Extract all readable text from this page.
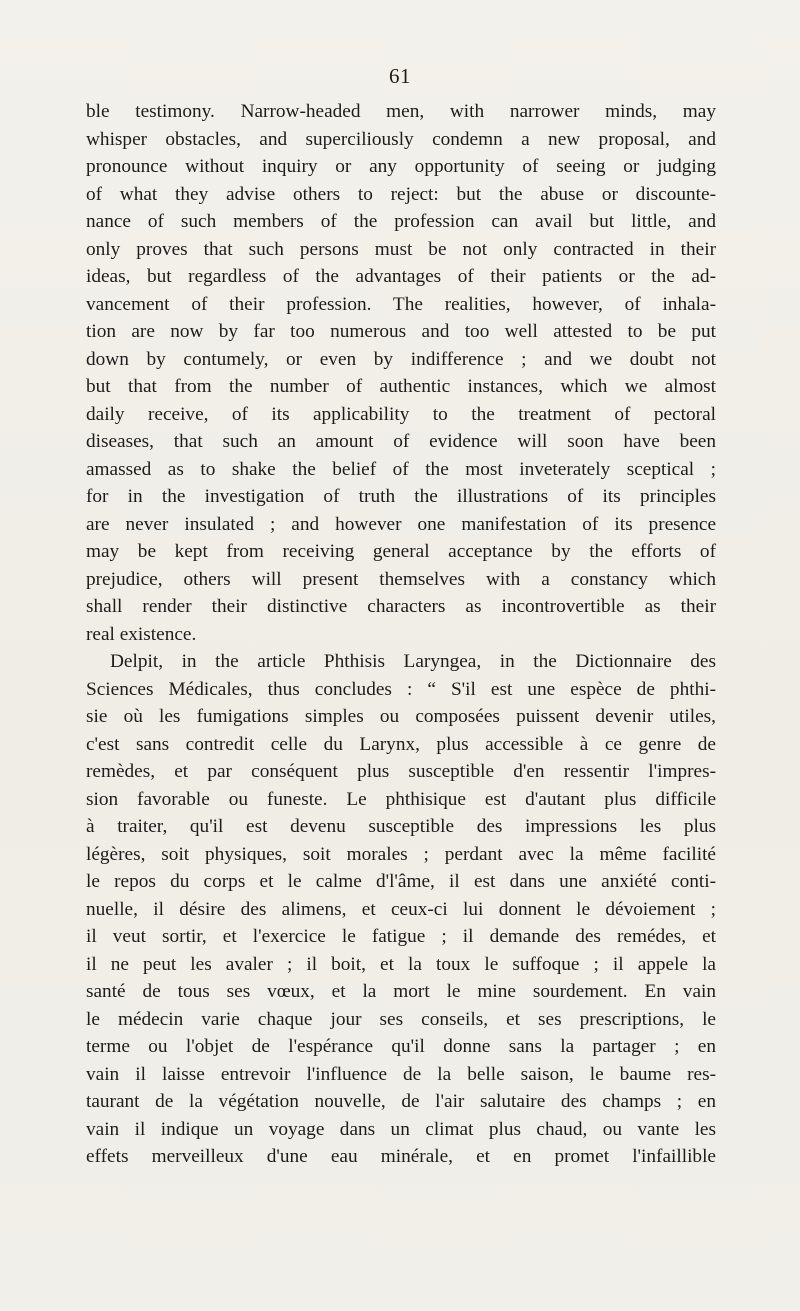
61
ble testimony. Narrow-headed men, with narrower minds, may
whisper obstacles, and superciliously condemn a new proposal, and
pronounce without inquiry or any opportunity of seeing or judging
of what they advise others to reject: but the abuse or discounte-
nance of such members of the profession can avail but little, and
only proves that such persons must be not only contracted in their
ideas, but regardless of the advantages of their patients or the ad-
vancement of their profession. The realities, however, of inhala-
tion are now by far too numerous and too well attested to be put
down by contumely, or even by indifference ; and we doubt not
but that from the number of authentic instances, which we almost
daily receive, of its applicability to the treatment of pectoral
diseases, that such an amount of evidence will soon have been
amassed as to shake the belief of the most inveterately sceptical ;
for in the investigation of truth the illustrations of its principles
are never insulated ; and however one manifestation of its presence
may be kept from receiving general acceptance by the efforts of
prejudice, others will present themselves with a constancy which
shall render their distinctive characters as incontrovertible as their
real existence.
Delpit, in the article Phthisis Laryngea, in the Dictionnaire des
Sciences Médicales, thus concludes : “ S'il est une espèce de phthi-
sie où les fumigations simples ou composées puissent devenir utiles,
c'est sans contredit celle du Larynx, plus accessible à ce genre de
remèdes, et par conséquent plus susceptible d'en ressentir l'impres-
sion favorable ou funeste. Le phthisique est d'autant plus difficile
à traiter, qu'il est devenu susceptible des impressions les plus
légères, soit physiques, soit morales ; perdant avec la même facilité
le repos du corps et le calme d'l'âme, il est dans une anxiété conti-
nuelle, il désire des alimens, et ceux-ci lui donnent le dévoiement ;
il veut sortir, et l'exercice le fatigue ; il demande des remédes, et
il ne peut les avaler ; il boit, et la toux le suffoque ; il appele la
santé de tous ses vœux, et la mort le mine sourdement. En vain
le médecin varie chaque jour ses conseils, et ses prescriptions, le
terme ou l'objet de l'espérance qu'il donne sans la partager ; en
vain il laisse entrevoir l'influence de la belle saison, le baume res-
taurant de la végétation nouvelle, de l'air salutaire des champs ; en
vain il indique un voyage dans un climat plus chaud, ou vante les
effets merveilleux d'une eau minérale, et en promet l'infaillible
